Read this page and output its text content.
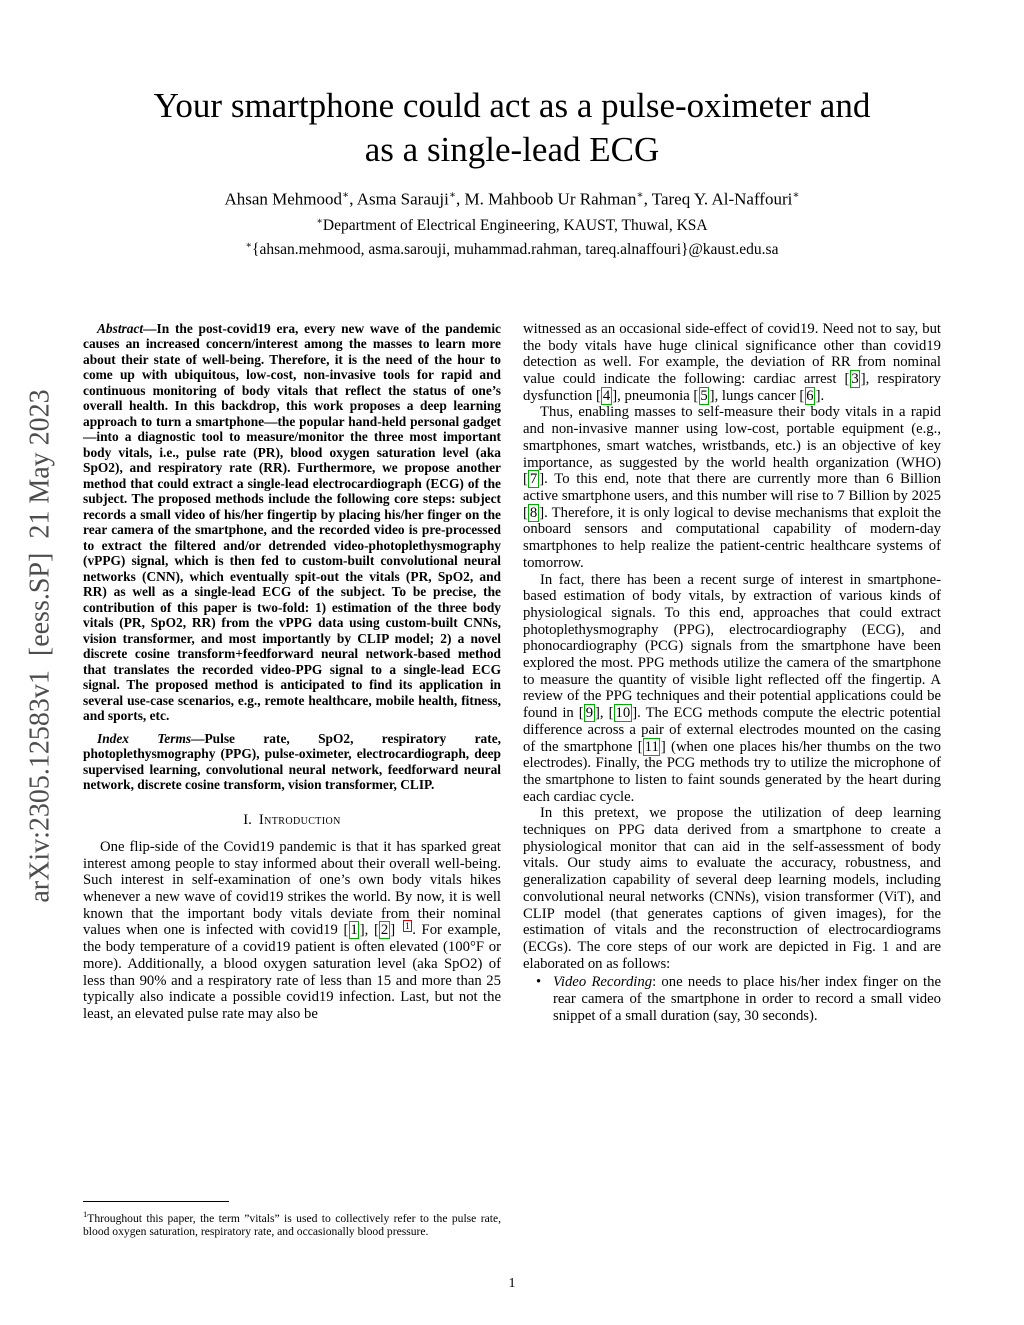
arXiv:2305.12583v1  [eess.SP]  21 May 2023
Your smartphone could act as a pulse-oximeter and
as a single-lead ECG
Ahsan Mehmood∗, Asma Sarauji∗, M. Mahboob Ur Rahman∗, Tareq Y. Al-Naffouri∗
∗Department of Electrical Engineering, KAUST, Thuwal, KSA
∗{ahsan.mehmood, asma.sarouji, muhammad.rahman, tareq.alnaffouri}@kaust.edu.sa

Abstract—In the post-covid19 era, every new wave of the pandemic causes an increased concern/interest among the masses to learn more about their state of well-being. Therefore, it is the need of the hour to come up with ubiquitous, low-cost, non-invasive tools for rapid and continuous monitoring of body vitals that reflect the status of one’s overall health. In this backdrop, this work proposes a deep learning approach to turn a smartphone—the popular hand-held personal gadget—into a diagnostic tool to measure/monitor the three most important body vitals, i.e., pulse rate (PR), blood oxygen saturation level (aka SpO2), and respiratory rate (RR). Furthermore, we propose another method that could extract a single-lead electrocardiograph (ECG) of the subject. The proposed methods include the following core steps: subject records a small video of his/her fingertip by placing his/her finger on the rear camera of the smartphone, and the recorded video is pre-processed to extract the filtered and/or detrended video-photoplethysmography (vPPG) signal, which is then fed to custom-built convolutional neural networks (CNN), which eventually spit-out the vitals (PR, SpO2, and RR) as well as a single-lead ECG of the subject. To be precise, the contribution of this paper is two-fold: 1) estimation of the three body vitals (PR, SpO2, RR) from the vPPG data using custom-built CNNs, vision transformer, and most importantly by CLIP model; 2) a novel discrete cosine transform+feedforward neural network-based method that translates the recorded video-PPG signal to a single-lead ECG signal. The proposed method is anticipated to find its application in several use-case scenarios, e.g., remote healthcare, mobile health, fitness, and sports, etc.

Index Terms—Pulse rate, SpO2, respiratory rate, photoplethysmography (PPG), pulse-oximeter, electrocardiograph, deep supervised learning, convolutional neural network, feedforward neural network, discrete cosine transform, vision transformer, CLIP.

I. Introduction

One flip-side of the Covid19 pandemic is that it has sparked great interest among people to stay informed about their overall well-being. Such interest in self-examination of one’s own body vitals hikes whenever a new wave of covid19 strikes the world. By now, it is well known that the important body vitals deviate from their nominal values when one is infected with covid19 [ 1 ], [ 2 ] $^1$ . For example, the body temperature of a covid19 patient is often elevated (100°F or more). Additionally, a blood oxygen saturation level (aka SpO2) of less than 90% and a respiratory rate of less than 15 and more than 25 typically also indicate a possible covid19 infection. Last, but not the least, an elevated pulse rate may also be

$^1$Throughout this paper, the term ”vitals” is used to collectively refer to the pulse rate, blood oxygen saturation, respiratory rate, and occasionally blood pressure.

witnessed as an occasional side-effect of covid19. Need not to say, but the body vitals have huge clinical significance other than covid19 detection as well. For example, the deviation of RR from nominal value could indicate the following: cardiac arrest [ 3 ], respiratory dysfunction [ 4 ], pneumonia [ 5 ], lungs cancer [ 6 ].

Thus, enabling masses to self-measure their body vitals in a rapid and non-invasive manner using low-cost, portable equipment (e.g., smartphones, smart watches, wristbands, etc.) is an objective of key importance, as suggested by the world health organization (WHO) [ 7 ]. To this end, note that there are currently more than 6 Billion active smartphone users, and this number will rise to 7 Billion by 2025 [ 8 ]. Therefore, it is only logical to devise mechanisms that exploit the onboard sensors and computational capability of modern-day smartphones to help realize the patient-centric healthcare systems of tomorrow.

In fact, there has been a recent surge of interest in smartphone-based estimation of body vitals, by extraction of various kinds of physiological signals. To this end, approaches that could extract photoplethysmography (PPG), electrocardiography (ECG), and phonocardiography (PCG) signals from the smartphone have been explored the most. PPG methods utilize the camera of the smartphone to measure the quantity of visible light reflected off the fingertip. A review of the PPG techniques and their potential applications could be found in [ 9 ], [ 10 ]. The ECG methods compute the electric potential difference across a pair of external electrodes mounted on the casing of the smartphone [ 11 ] (when one places his/her thumbs on the two electrodes). Finally, the PCG methods try to utilize the microphone of the smartphone to listen to faint sounds generated by the heart during each cardiac cycle.

In this pretext, we propose the utilization of deep learning techniques on PPG data derived from a smartphone to create a physiological monitor that can aid in the self-assessment of body vitals. Our study aims to evaluate the accuracy, robustness, and generalization capability of several deep learning models, including convolutional neural networks (CNNs), vision transformer (ViT), and CLIP model (that generates captions of given images), for the estimation of vitals and the reconstruction of electrocardiograms (ECGs). The core steps of our work are depicted in Fig. 1 and are elaborated on as follows:

• Video Recording: one needs to place his/her index finger on the rear camera of the smartphone in order to record a small video snippet of a small duration (say, 30 seconds).

1
